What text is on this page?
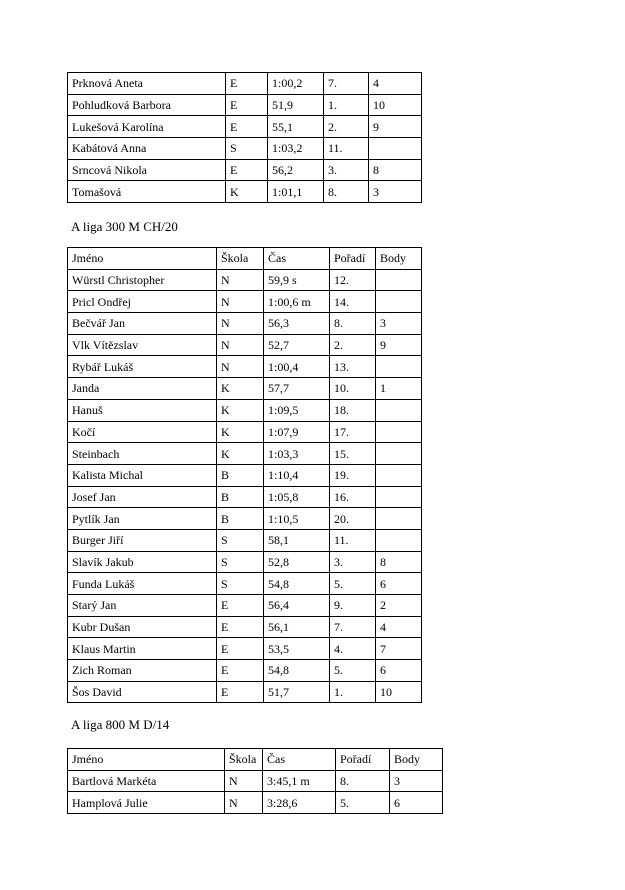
Prknová Aneta	E	1:00,2	7.	4
Pohludková Barbora	E	51,9	1.	10
Lukešová Karolína	E	55,1	2.	9
Kabátová Anna	S	1:03,2	11.	
Srncová Nikola	E	56,2	3.	8
Tomašová	K	1:01,1	8.	3
A liga 300 M CH/20
Jméno	Škola	Čas	Pořadí	Body
Würstl Christopher	N	59,9 s	12.	
Pricl Ondřej	N	1:00,6 m	14.	
Bečvář Jan	N	56,3	8.	3
Vlk Vítězslav	N	52,7	2.	9
Rybář Lukáš	N	1:00,4	13.	
Janda	K	57,7	10.	1
Hanuš	K	1:09,5	18.	
Kočí	K	1:07,9	17.	
Steinbach	K	1:03,3	15.	
Kalista Michal	B	1:10,4	19.	
Josef Jan	B	1:05,8	16.	
Pytlík Jan	B	1:10,5	20.	
Burger Jiří	S	58,1	11.	
Slavík Jakub	S	52,8	3.	8
Funda Lukáš	S	54,8	5.	6
Starý Jan	E	56,4	9.	2
Kubr Dušan	E	56,1	7.	4
Klaus Martin	E	53,5	4.	7
Zich Roman	E	54,8	5.	6
Šos David	E	51,7	1.	10
A liga 800 M D/14
Jméno	Škola	Čas	Pořadí	Body
Bartlová Markéta	N	3:45,1 m	8.	3
Hamplová Julie	N	3:28,6	5.	6
